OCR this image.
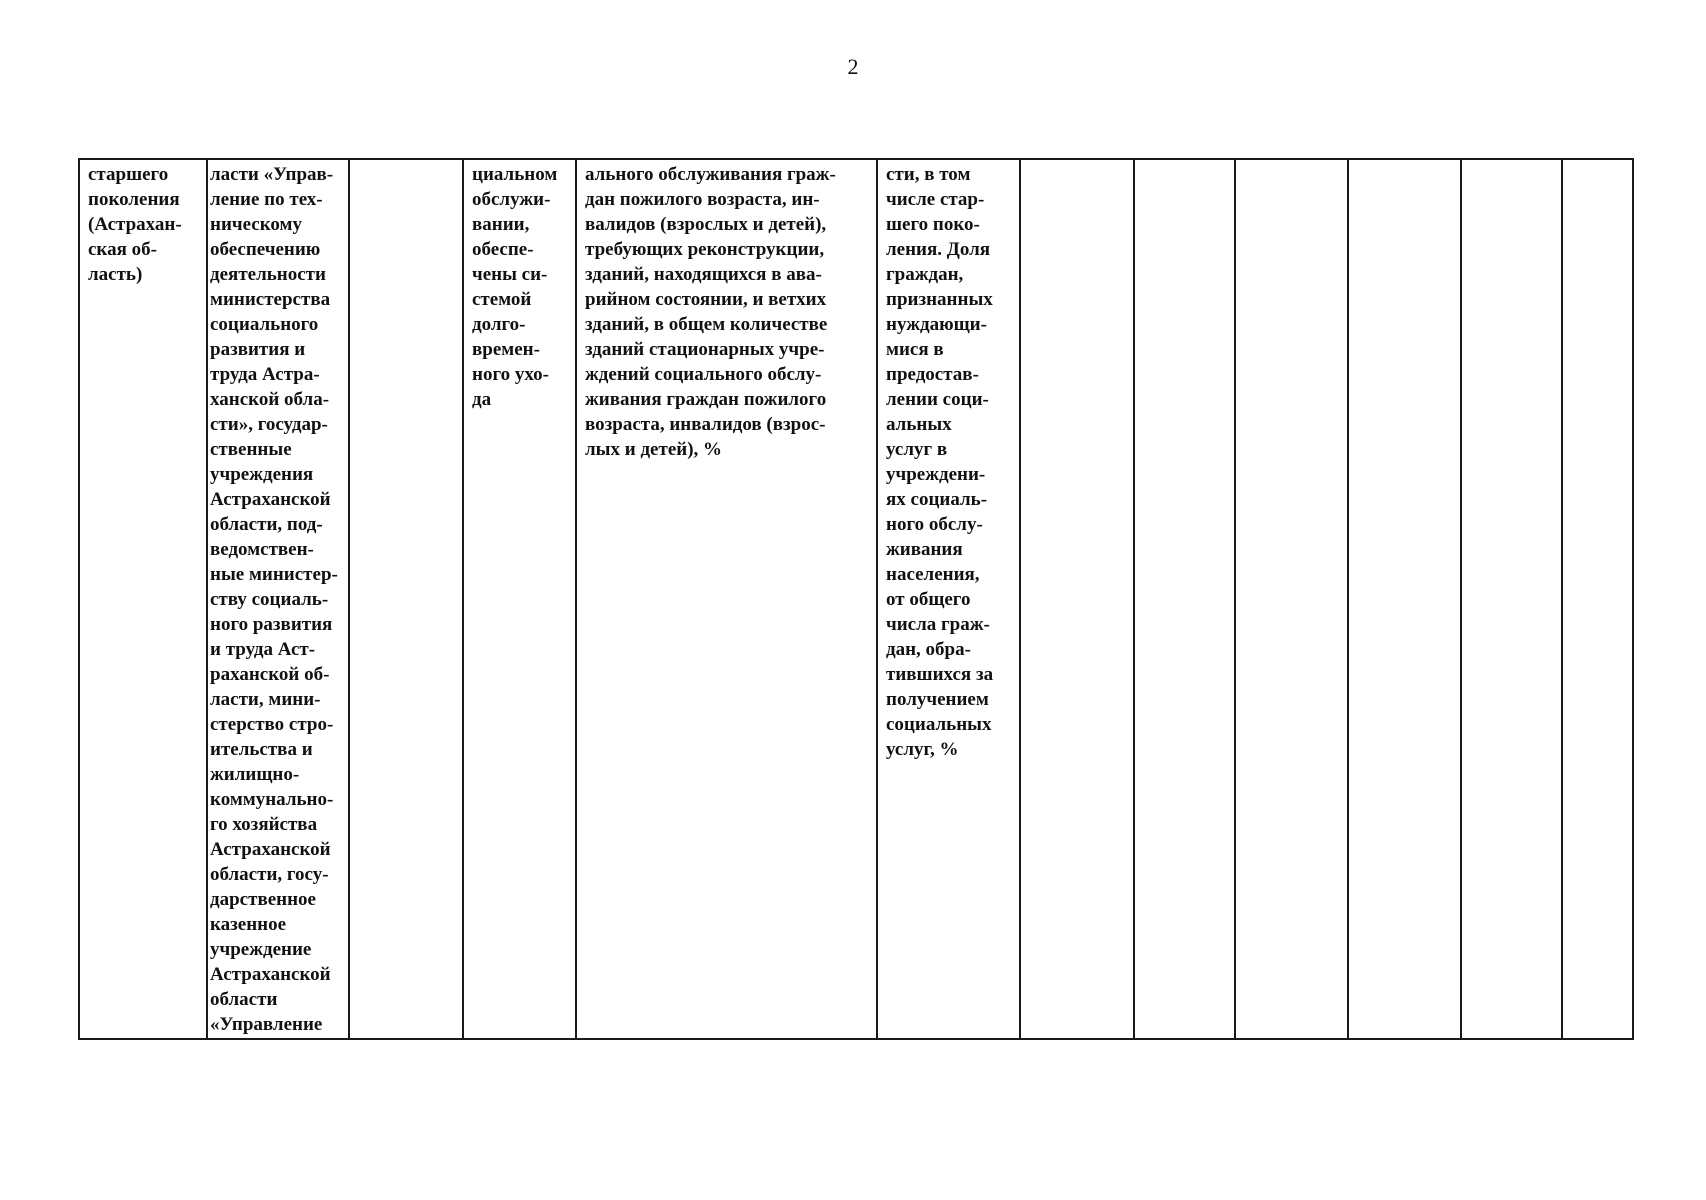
2
старшего
поколения
(Астрахан-
ская об-
ласть)	ласти «Управ-
ление по тех-
ническому
обеспечению
деятельности
министерства
социального
развития и
труда Астра-
ханской обла-
сти», государ-
ственные
учреждения
Астраханской
области, под-
ведомствен-
ные министер-
ству социаль-
ного развития
и труда Аст-
раханской об-
ласти, мини-
стерство стро-
ительства и
жилищно-
коммунально-
го хозяйства
Астраханской
области, госу-
дарственное
казенное
учреждение
Астраханской
области
«Управление		циальном
обслужи-
вании,
обеспе-
чены си-
стемой
долго-
времен-
ного ухо-
да	ального обслуживания граж-
дан пожилого возраста, ин-
валидов (взрослых и детей),
требующих реконструкции,
зданий, находящихся в ава-
рийном состоянии, и ветхих
зданий, в общем количестве
зданий стационарных учре-
ждений социального обслу-
живания граждан пожилого
возраста, инвалидов (взрос-
лых и детей), %	сти, в том
числе стар-
шего поко-
ления. Доля
граждан,
признанных
нуждающи-
мися в
предостав-
лении соци-
альных
услуг в
учреждени-
ях социаль-
ного обслу-
живания
населения,
от общего
числа граж-
дан, обра-
тившихся за
получением
социальных
услуг, %						
